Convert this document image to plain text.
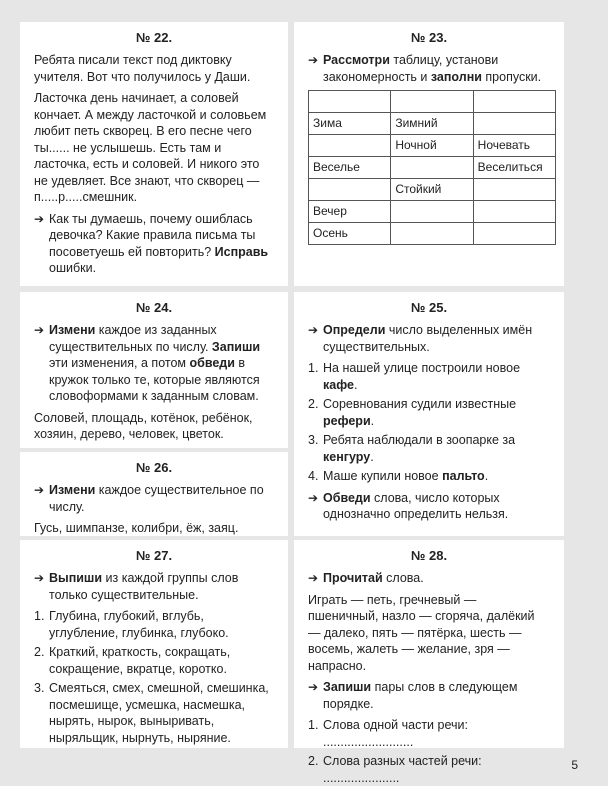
№ 22.

Ребята писали текст под диктовку учителя. Вот что получилось у Даши.

Ласточка день начинает, а соловей кончает. А между ласточкой и соловьем любит петь скворец. В его песне чего ты...... не услышешь. Есть там и ласточка, есть и соловей. И никого это не удевляет. Все знают, что скворец — п.....р.....смешник.

➔ Как ты думаешь, почему ошиблась девочка? Какие правила письма ты посоветуешь ей повторить? Исправь ошибки.
№ 23.
➔ Рассмотри таблицу, установи закономерность и заполни пропуски.

Зима	Зимний	
	Ночной	Ночевать
Веселье		Веселиться
	Стойкий	
Вечер		
Осень		
№ 24.
➔ Измени каждое из заданных существительных по числу. Запиши эти изменения, а потом обведи в кружок только те, которые являются словоформами к заданным словам.

Соловей, площадь, котёнок, ребёнок, хозяин, дерево, человек, цветок.

№ 26.
➔ Измени каждое существительное по числу.

Гусь, шимпанзе, колибри, ёж, заяц.

№ 25.
➔ Определи число выделенных имён существительных.
1. На нашей улице построили новое кафе.
2. Соревнования судили известные рефери.
3. Ребята наблюдали в зоопарке за кенгуру.
4. Маше купили новое пальто.
➔ Обведи слова, число которых однозначно определить нельзя.
№ 27.
➔ Выпиши из каждой группы слов только существительные.
1. Глубина, глубокий, вглубь, углубление, глубинка, глубоко.
2. Краткий, краткость, сокращать, сокращение, вкратце, коротко.
3. Смеяться, смех, смешной, смешинка, посмешище, усмешка, насмешка, нырять, нырок, выныривать, ныряльщик, нырнуть, ныряние.
№ 28.
➔ Прочитай слова.

Играть — петь, гречневый — пшеничный, назло — сгоряча, далёкий — далеко, пять — пятёрка, шесть — восемь, жалеть — желание, зря — напрасно.

➔ Запиши пары слов в следующем порядке.
1. Слова одной части речи: ..........................
2. Слова разных частей речи: ......................
5
